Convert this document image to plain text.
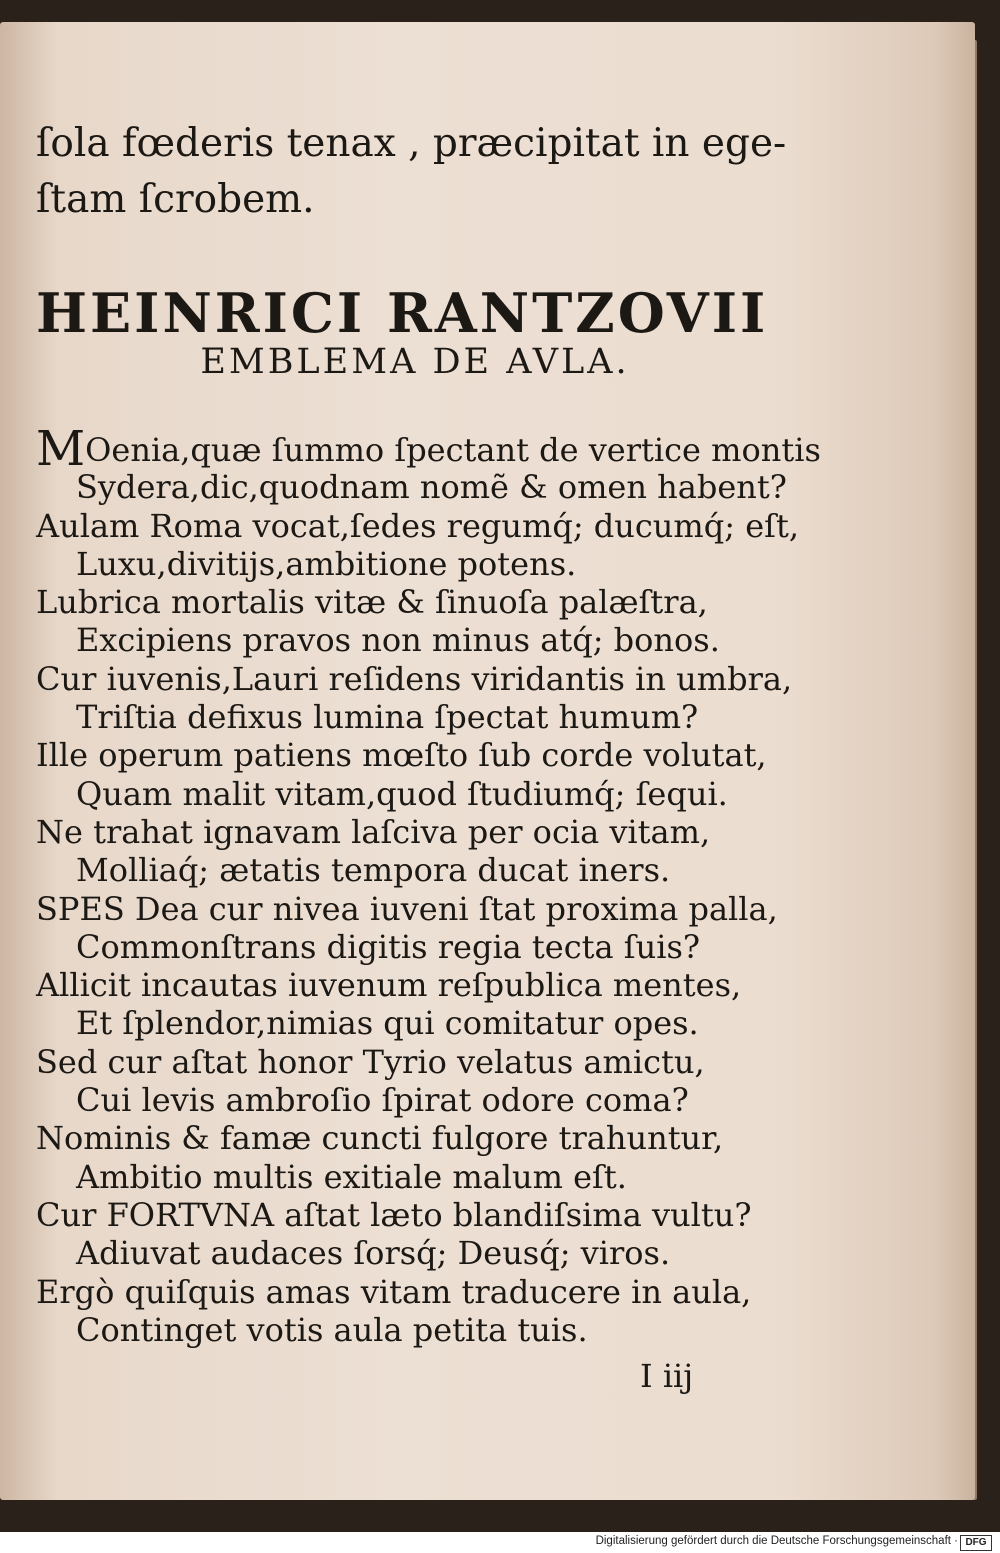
ſola fœderis tenax , præcipitat in ege-
ſtam ſcrobem.
HEINRICI RANTZOVII
EMBLEMA DE AVLA.
MOenia,quæ ſummo ſpectant de vertice montis
Sydera,dic,quodnam nomẽ & omen habent?
Aulam Roma vocat,ſedes regumq́; ducumq́; eſt,
Luxu,divitijs,ambitione potens.
Lubrica mortalis vitæ & ſinuoſa palæſtra,
Excipiens pravos non minus atq́; bonos.
Cur iuvenis,Lauri reſidens viridantis in umbra,
Triſtia defixus lumina ſpectat humum?
Ille operum patiens mœſto ſub corde volutat,
Quam malit vitam,quod ſtudiumq́; ſequi.
Ne trahat ignavam laſciva per ocia vitam,
Molliaq́; ætatis tempora ducat iners.
SPES Dea cur nivea iuveni ſtat proxima palla,
Commonſtrans digitis regia tecta ſuis?
Allicit incautas iuvenum reſpublica mentes,
Et ſplendor,nimias qui comitatur opes.
Sed cur aſtat honor Tyrio velatus amictu,
Cui levis ambroſio ſpirat odore coma?
Nominis & famæ cuncti fulgore trahuntur,
Ambitio multis exitiale malum eſt.
Cur FORTVNA aſtat læto blandiſsima vultu?
Adiuvat audaces ſorsq́; Deusq́; viros.
Ergò quiſquis amas vitam traducere in aula,
Continget votis aula petita tuis.
I iij
Digitalisierung gefördert durch die Deutsche Forschungsgemeinschaft · DFG
